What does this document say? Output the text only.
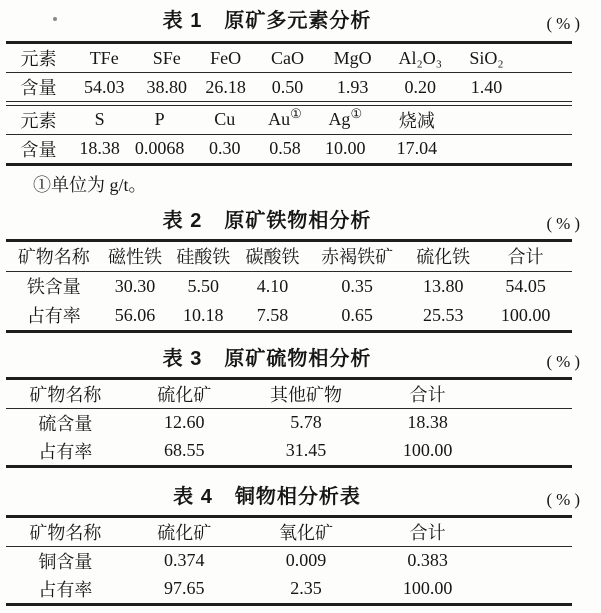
表 1 原矿多元素分析	(%)
元素	TFe	SFe	FeO	CaO	MgO	Al₂O₃	SiO₂	
含量	54.03	38.80	26.18	0.50	1.93	0.20	1.40	
元素	S	P	Cu	Au①	Ag①	烧减	
含量	18.38	0.0068	0.30	0.58	10.00	17.04	
①单位为 g/t。
表 2 原矿铁物相分析	(%)
矿物名称	磁性铁	硅酸铁	碳酸铁	赤褐铁矿	硫化铁	合计
铁含量	30.30	5.50	4.10	0.35	13.80	54.05
占有率	56.06	10.18	7.58	0.65	25.53	100.00
表 3 原矿硫物相分析	(%)
矿物名称	硫化矿	其他矿物	合计	
硫含量	12.60	5.78	18.38	
占有率	68.55	31.45	100.00	
表 4 铜物相分析表	(%)
矿物名称	硫化矿	氧化矿	合计	
铜含量	0.374	0.009	0.383	
占有率	97.65	2.35	100.00	
